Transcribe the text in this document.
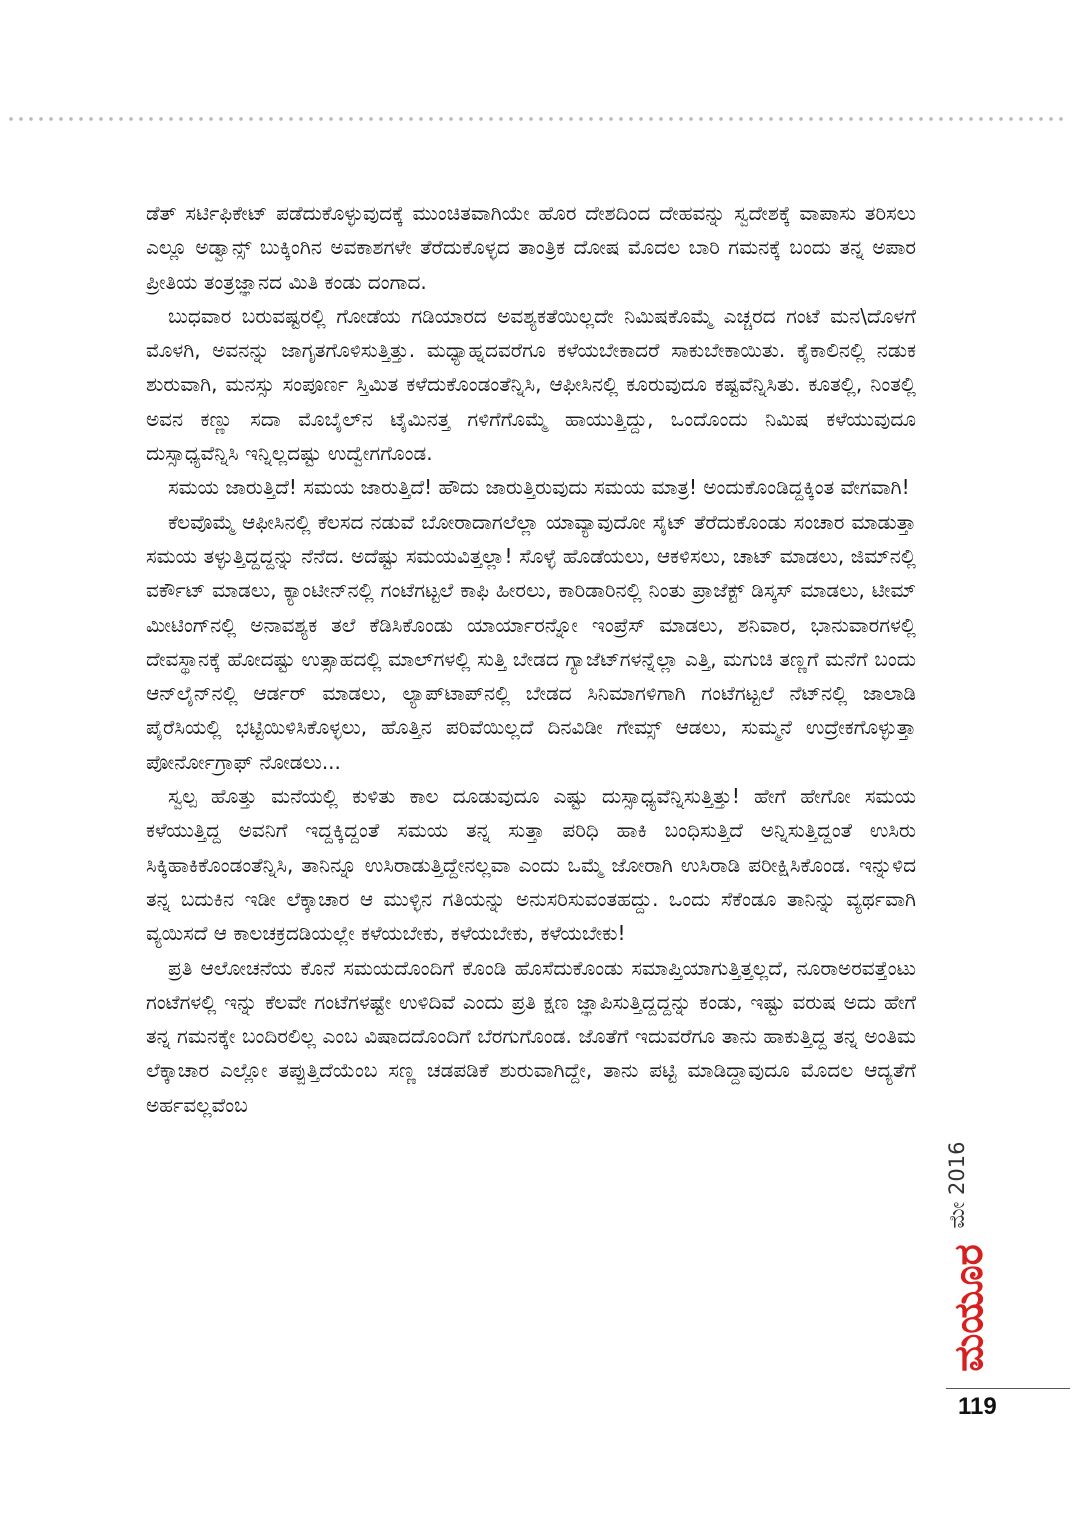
ಡೆತ್ ಸರ್ಟಿಫಿಕೇಟ್ ಪಡೆದುಕೊಳ್ಳುವುದಕ್ಕೆ ಮುಂಚಿತವಾಗಿಯೇ ಹೊರ ದೇಶದಿಂದ ದೇಹವನ್ನು ಸ್ವದೇಶಕ್ಕೆ ವಾಪಾಸು ತರಿಸಲು ಎಲ್ಲೂ ಅಡ್ವಾನ್ಸ್ ಬುಕ್ಕಿಂಗಿನ ಅವಕಾಶಗಳೇ ತೆರೆದುಕೊಳ್ಳದ ತಾಂತ್ರಿಕ ದೋಷ ಮೊದಲ ಬಾರಿ ಗಮನಕ್ಕೆ ಬಂದು ತನ್ನ ಅಪಾರ ಪ್ರೀತಿಯ ತಂತ್ರಜ್ಞಾನದ ಮಿತಿ ಕಂಡು ದಂಗಾದ.

ಬುಧವಾರ ಬರುವಷ್ಟರಲ್ಲಿ ಗೋಡೆಯ ಗಡಿಯಾರದ ಅವಶ್ಯಕತೆಯಿಲ್ಲದೇ ನಿಮಿಷಕೊಮ್ಮೆ ಎಚ್ಚರದ ಗಂಟೆ ಮನ\ದೊಳಗೆ ಮೊಳಗಿ, ಅವನನ್ನು ಜಾಗೃತಗೊಳಿಸುತ್ತಿತ್ತು. ಮಧ್ಯಾಹ್ನದವರೆಗೂ ಕಳೆಯಬೇಕಾದರೆ ಸಾಕುಬೇಕಾಯಿತು. ಕೈಕಾಲಿನಲ್ಲಿ ನಡುಕ ಶುರುವಾಗಿ, ಮನಸ್ಸು ಸಂಪೂರ್ಣ ಸ್ತಿಮಿತ ಕಳೆದುಕೊಂಡಂತೆನ್ನಿಸಿ, ಆಫೀಸಿನಲ್ಲಿ ಕೂರುವುದೂ ಕಷ್ಟವೆನ್ನಿಸಿತು. ಕೂತಲ್ಲಿ, ನಿಂತಲ್ಲಿ ಅವನ ಕಣ್ಣು ಸದಾ ಮೊಬೈಲ್‌ನ ಟೈಮಿನತ್ತ ಗಳಿಗೆಗೊಮ್ಮೆ ಹಾಯುತ್ತಿದ್ದು, ಒಂದೊಂದು ನಿಮಿಷ ಕಳೆಯುವುದೂ ದುಸ್ಸಾಧ್ಯವೆನ್ನಿಸಿ ಇನ್ನಿಲ್ಲದಷ್ಟು ಉದ್ವೇಗಗೊಂಡ.

ಸಮಯ ಜಾರುತ್ತಿದೆ! ಸಮಯ ಜಾರುತ್ತಿದೆ! ಹೌದು ಜಾರುತ್ತಿರುವುದು ಸಮಯ ಮಾತ್ರ! ಅಂದುಕೊಂಡಿದ್ದಕ್ಕಿಂತ ವೇಗವಾಗಿ!

ಕೆಲವೊಮ್ಮೆ ಆಫೀಸಿನಲ್ಲಿ ಕೆಲಸದ ನಡುವೆ ಬೋರಾದಾಗಲೆಲ್ಲಾ ಯಾವ್ಯಾವುದೋ ಸೈಟ್ ತೆರೆದುಕೊಂಡು ಸಂಚಾರ ಮಾಡುತ್ತಾ ಸಮಯ ತಳ್ಳುತ್ತಿದ್ದದ್ದನ್ನು ನೆನೆದ. ಅದೆಷ್ಟು ಸಮಯವಿತ್ತಲ್ಲಾ! ಸೊಳ್ಳೆ ಹೊಡೆಯಲು, ಆಕಳಿಸಲು, ಚಾಟ್ ಮಾಡಲು, ಜಿಮ್‌ನಲ್ಲಿ ವರ್ಕೌಟ್ ಮಾಡಲು, ಕ್ಯಾಂಟೀನ್‌ನಲ್ಲಿ ಗಂಟೆಗಟ್ಟಲೆ ಕಾಫಿ ಹೀರಲು, ಕಾರಿಡಾರಿನಲ್ಲಿ ನಿಂತು ಪ್ರಾಜೆಕ್ಟ್ ಡಿಸ್ಕಸ್ ಮಾಡಲು, ಟೀಮ್ ಮೀಟಿಂಗ್‌ನಲ್ಲಿ ಅನಾವಶ್ಯಕ ತಲೆ ಕೆಡಿಸಿಕೊಂಡು ಯಾರ್ಯಾರನ್ನೋ ಇಂಪ್ರೆಸ್ ಮಾಡಲು, ಶನಿವಾರ, ಭಾನುವಾರಗಳಲ್ಲಿ ದೇವಸ್ಥಾನಕ್ಕೆ ಹೋದಷ್ಟು ಉತ್ಸಾಹದಲ್ಲಿ ಮಾಲ್‌ಗಳಲ್ಲಿ ಸುತ್ತಿ ಬೇಡದ ಗ್ಯಾಜೆಟ್‌ಗಳನ್ನೆಲ್ಲಾ ಎತ್ತಿ, ಮಗುಚಿ ತಣ್ಣಗೆ ಮನೆಗೆ ಬಂದು ಆನ್‌ಲೈನ್‌ನಲ್ಲಿ ಆರ್ಡರ್ ಮಾಡಲು, ಲ್ಯಾಪ್‌ಟಾಪ್‌ನಲ್ಲಿ ಬೇಡದ ಸಿನಿಮಾಗಳಿಗಾಗಿ ಗಂಟೆಗಟ್ಟಲೆ ನೆಟ್‌ನಲ್ಲಿ ಜಾಲಾಡಿ ಪೈರೆಸಿಯಲ್ಲಿ ಭಟ್ಟಿಯಿಳಿಸಿಕೊಳ್ಳಲು, ಹೊತ್ತಿನ ಪರಿವೆಯಿಲ್ಲದೆ ದಿನವಿಡೀ ಗೇಮ್ಸ್ ಆಡಲು, ಸುಮ್ಮನೆ ಉದ್ರೇಕಗೊಳ್ಳುತ್ತಾ ಪೋರ್ನೋಗ್ರಾಫ್ ನೋಡಲು...

ಸ್ವಲ್ಪ ಹೊತ್ತು ಮನೆಯಲ್ಲಿ ಕುಳಿತು ಕಾಲ ದೂಡುವುದೂ ಎಷ್ಟು ದುಸ್ಸಾಧ್ಯವೆನ್ನಿಸುತ್ತಿತ್ತು! ಹೇಗೆ ಹೇಗೋ ಸಮಯ ಕಳೆಯುತ್ತಿದ್ದ ಅವನಿಗೆ ಇದ್ದಕ್ಕಿದ್ದಂತೆ ಸಮಯ ತನ್ನ ಸುತ್ತಾ ಪರಿಧಿ ಹಾಕಿ ಬಂಧಿಸುತ್ತಿದೆ ಅನ್ನಿಸುತ್ತಿದ್ದಂತೆ ಉಸಿರು ಸಿಕ್ಕಿಹಾಕಿಕೊಂಡಂತೆನ್ನಿಸಿ, ತಾನಿನ್ನೂ ಉಸಿರಾಡುತ್ತಿದ್ದೇನಲ್ಲವಾ ಎಂದು ಒಮ್ಮೆ ಜೋರಾಗಿ ಉಸಿರಾಡಿ ಪರೀಕ್ಷಿಸಿಕೊಂಡ. ಇನ್ನುಳಿದ ತನ್ನ ಬದುಕಿನ ಇಡೀ ಲೆಕ್ಕಾಚಾರ ಆ ಮುಳ್ಳಿನ ಗತಿಯನ್ನು ಅನುಸರಿಸುವಂತಹದ್ದು. ಒಂದು ಸೆಕೆಂಡೂ ತಾನಿನ್ನು ವ್ಯರ್ಥವಾಗಿ ವ್ಯಯಿಸದೆ ಆ ಕಾಲಚಕ್ರದಡಿಯಲ್ಲೇ ಕಳೆಯಬೇಕು, ಕಳೆಯಬೇಕು, ಕಳೆಯಬೇಕು!

ಪ್ರತಿ ಆಲೋಚನೆಯ ಕೊನೆ ಸಮಯದೊಂದಿಗೆ ಕೊಂಡಿ ಹೊಸೆದುಕೊಂಡು ಸಮಾಪ್ತಿಯಾಗುತ್ತಿತ್ತಲ್ಲದೆ, ನೂರಾಅರವತ್ತೆಂಟು ಗಂಟೆಗಳಲ್ಲಿ ಇನ್ನು ಕೆಲವೇ ಗಂಟೆಗಳಷ್ಟೇ ಉಳಿದಿವೆ ಎಂದು ಪ್ರತಿ ಕ್ಷಣ ಜ್ಞಾಪಿಸುತ್ತಿದ್ದದ್ದನ್ನು ಕಂಡು, ಇಷ್ಟು ವರುಷ ಅದು ಹೇಗೆ ತನ್ನ ಗಮನಕ್ಕೇ ಬಂದಿರಲಿಲ್ಲ ಎಂಬ ವಿಷಾದದೊಂದಿಗೆ ಬೆರಗುಗೊಂಡ. ಜೊತೆಗೆ ಇದುವರೆಗೂ ತಾನು ಹಾಕುತ್ತಿದ್ದ ತನ್ನ ಅಂತಿಮ ಲೆಕ್ಕಾಚಾರ ಎಲ್ಲೋ ತಪ್ಪುತ್ತಿದೆಯೆಂಬ ಸಣ್ಣ ಚಡಪಡಿಕೆ ಶುರುವಾಗಿದ್ದೇ, ತಾನು ಪಟ್ಟಿ ಮಾಡಿದ್ದಾವುದೂ ಮೊದಲ ಆದ್ಯತೆಗೆ ಅರ್ಹವಲ್ಲವೆಂಬ

ಮೇ 2016
ಮಯೂರ
119
